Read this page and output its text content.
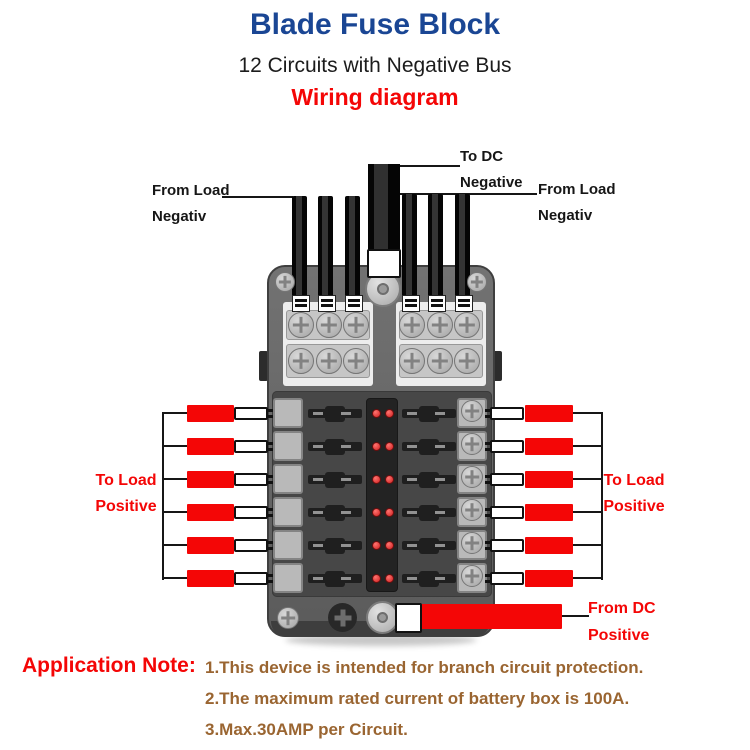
Blade Fuse Block
12 Circuits with Negative Bus
Wiring diagram
To DC
Negative
From Load
Negativ
From Load
Negativ
To Load
Positive
To Load
Positive
From DC
Positive
Application Note: 1.This device is intended for branch circuit protection.
2.The maximum rated current of battery box is 100A.
3.Max.30AMP per Circuit.
